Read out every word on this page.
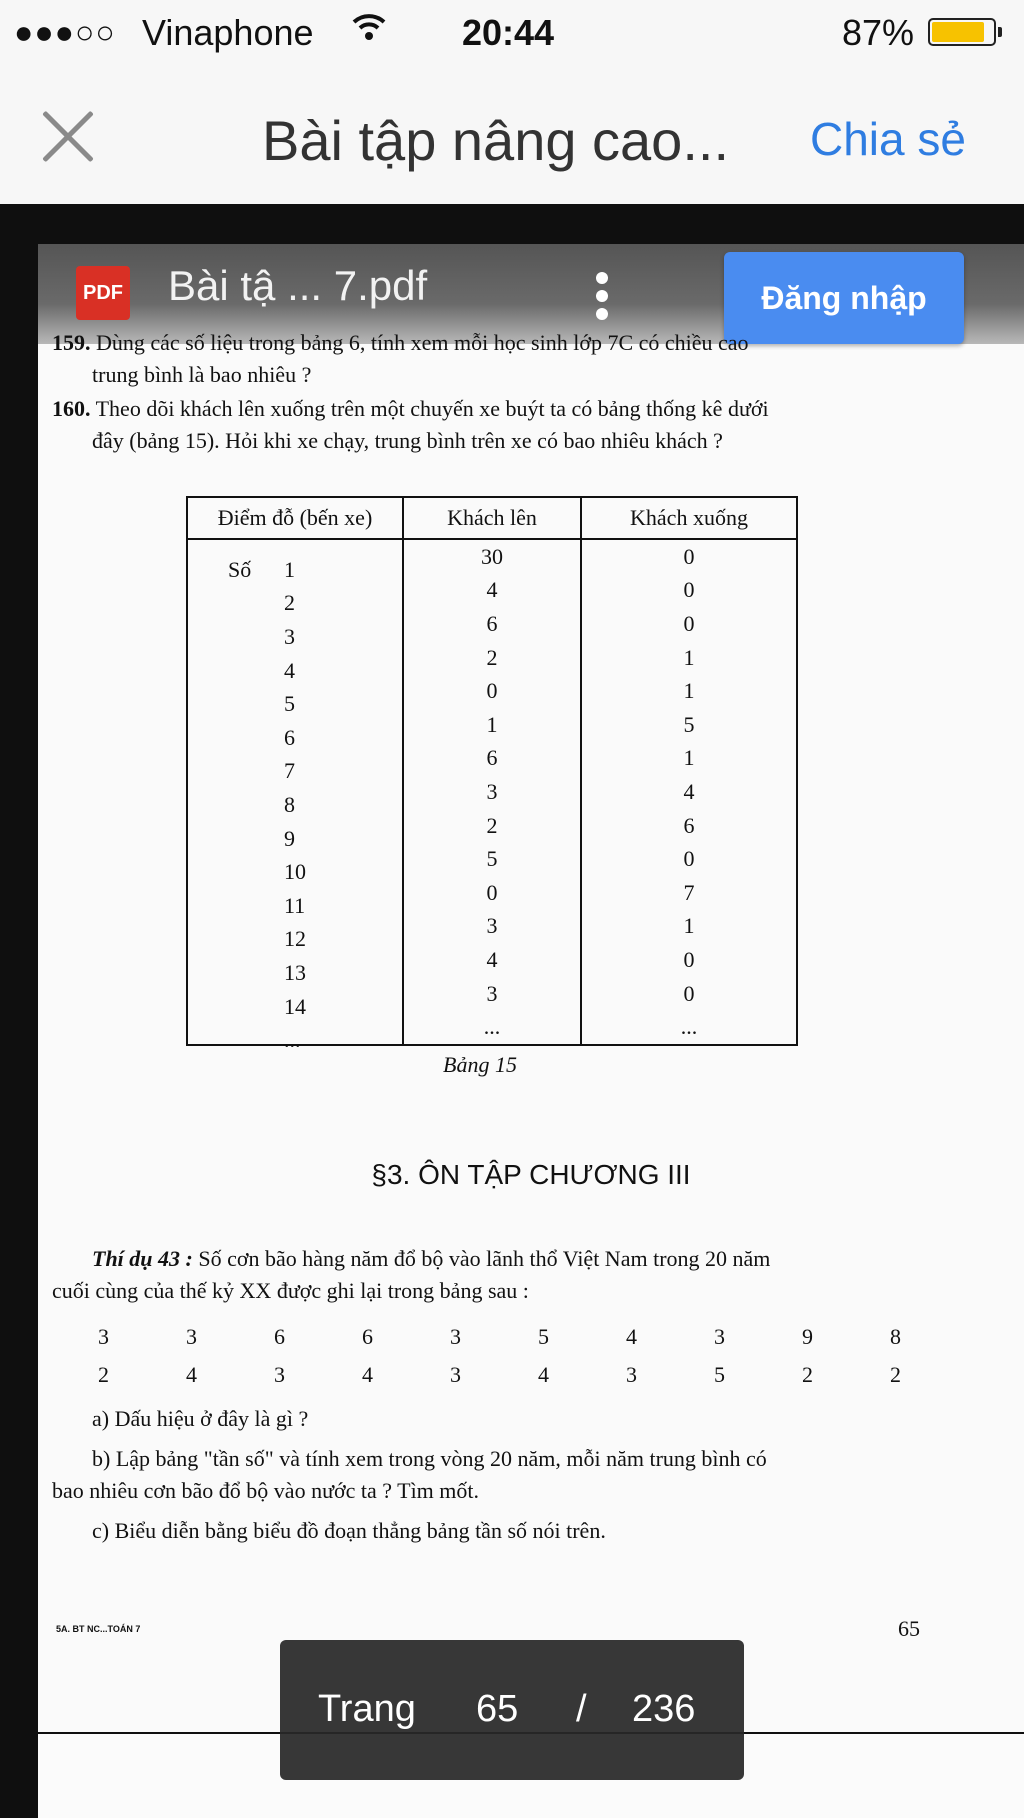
●●●○○ Vinaphone	20:44	87%
Bài tập nâng cao... Chia sẻ
PDF Bài tậ ... 7.pdf	Đăng nhập
159. Dùng các số liệu trong bảng 6, tính xem mỗi học sinh lớp 7C có chiều cao
trung bình là bao nhiêu ?
160. Theo dõi khách lên xuống trên một chuyến xe buýt ta có bảng thống kê dưới
đây (bảng 15). Hỏi khi xe chạy, trung bình trên xe có bao nhiêu khách ?
Điểm đỗ (bến xe)	Khách lên	Khách xuống

Số 1	30	0

2	4	0

3	6	0

4	2	1

5	0	1

6	1	5

7	6	1

8	3	4

9	2	6

10	5	0

11	0	7

12	3	1

13	4	0

14	3	0

...	...	...
Bảng 15
§3. ÔN TẬP CHƯƠNG III
Thí dụ 43 : Số cơn bão hàng năm đổ bộ vào lãnh thổ Việt Nam trong 20 năm
cuối cùng của thế kỷ XX được ghi lại trong bảng sau :
3	3	6	6	3	5	4	3	9	8
2	4	3	4	3	4	3	5	2	2
a) Dấu hiệu ở đây là gì ?
b) Lập bảng "tần số" và tính xem trong vòng 20 năm, mỗi năm trung bình có
bao nhiêu cơn bão đổ bộ vào nước ta ? Tìm mốt.
c) Biểu diễn bằng biểu đồ đoạn thẳng bảng tần số nói trên.
5A. BT NC...TOÁN 7	65
Trang 65 / 236
